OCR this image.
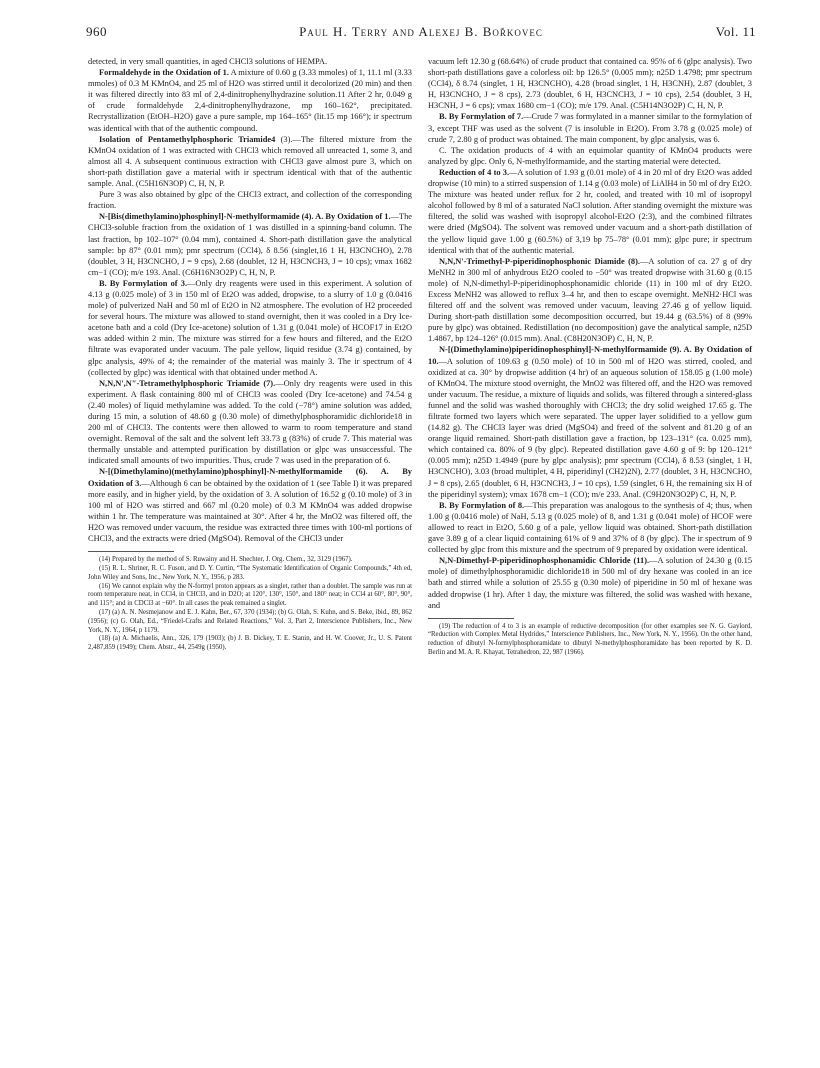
960	Paul H. Terry and Alexej B. Bořkovec	Vol. 11

detected, in very small quantities, in aged CHCl3 solutions of HEMPA.

Formaldehyde in the Oxidation of 1. A mixture of 0.60 g (3.33 mmoles) of 1, 11.1 ml (3.33 mmoles) of 0.3 M KMnO4, and 25 ml of H2O was stirred until it decolorized (20 min) and then it was filtered directly into 83 ml of 2,4-dinitrophenylhydrazine solution.11 After 2 hr, 0.049 g of crude formaldehyde 2,4-dinitrophenylhydrazone, mp 160–162°, precipitated. Recrystallization (EtOH–H2O) gave a pure sample, mp 164–165° (lit.15 mp 166°); ir spectrum was identical with that of the authentic compound.

Isolation of Pentamethylphosphoric Triamide4 (3).—The filtered mixture from the KMnO4 oxidation of 1 was extracted with CHCl3 which removed all unreacted 1, some 3, and almost all 4. A subsequent continuous extraction with CHCl3 gave almost pure 3, which on short-path distillation gave a material with ir spectrum identical with that of the authentic sample. Anal. (C5H16N3OP) C, H, N, P.

Pure 3 was also obtained by glpc of the CHCl3 extract, and collection of the corresponding fraction.

N-[Bis(dimethylamino)phosphinyl]-N-methylformamide (4). A. By Oxidation of 1.—The CHCl3-soluble fraction from the oxidation of 1 was distilled in a spinning-band column. The last fraction, bp 102–107° (0.04 mm), contained 4. Short-path distillation gave the analytical sample: bp 87° (0.01 mm); pmr spectrum (CCl4), δ 8.56 (singlet,16 1 H, H3CNCHO), 2.78 (doublet, 3 H, H3CNCHO, J = 9 cps), 2.68 (doublet, 12 H, H3CNCH3, J = 10 cps); νmax 1682 cm−1 (CO); m/e 193. Anal. (C6H16N3O2P) C, H, N, P.

B. By Formylation of 3.—Only dry reagents were used in this experiment. A solution of 4.13 g (0.025 mole) of 3 in 150 ml of Et2O was added, dropwise, to a slurry of 1.0 g (0.0416 mole) of pulverized NaH and 50 ml of Et2O in N2 atmosphere. The evolution of H2 proceeded for several hours. The mixture was allowed to stand overnight, then it was cooled in a Dry Ice-acetone bath and a cold (Dry Ice-acetone) solution of 1.31 g (0.041 mole) of HCOF17 in Et2O was added within 2 min. The mixture was stirred for a few hours and filtered, and the Et2O filtrate was evaporated under vacuum. The pale yellow, liquid residue (3.74 g) contained, by glpc analysis, 49% of 4; the remainder of the material was mainly 3. The ir spectrum of 4 (collected by glpc) was identical with that obtained under method A.

N,N,N′,N″-Tetramethylphosphoric Triamide (7).—Only dry reagents were used in this experiment. A flask containing 800 ml of CHCl3 was cooled (Dry Ice-acetone) and 74.54 g (2.40 moles) of liquid methylamine was added. To the cold (−78°) amine solution was added, during 15 min, a solution of 48.60 g (0.30 mole) of dimethylphosphoramidic dichloride18 in 200 ml of CHCl3. The contents were then allowed to warm to room temperature and stand overnight. Removal of the salt and the solvent left 33.73 g (83%) of crude 7. This material was thermally unstable and attempted purification by distillation or glpc was unsuccessful. The indicated small amounts of two impurities. Thus, crude 7 was used in the preparation of 6.

N-[(Dimethylamino)(methylamino)phosphinyl]-N-methylformamide (6). A. By Oxidation of 3.—Although 6 can be obtained by the oxidation of 1 (see Table I) it was prepared more easily, and in higher yield, by the oxidation of 3. A solution of 16.52 g (0.10 mole) of 3 in 100 ml of H2O was stirred and 667 ml (0.20 mole) of 0.3 M KMnO4 was added dropwise within 1 hr. The temperature was maintained at 30°. After 4 hr, the MnO2 was filtered off, the H2O was removed under vacuum, the residue was extracted three times with 100-ml portions of CHCl3, and the extracts were dried (MgSO4). Removal of the CHCl3 under

(14) Prepared by the method of S. Ruwainy and H. Shechter, J. Org. Chem., 32, 3129 (1967).

(15) R. L. Shriner, R. C. Fuson, and D. Y. Curtin, “The Systematic Identification of Organic Compounds,” 4th ed, John Wiley and Sons, Inc., New York, N. Y., 1956, p 283.

(16) We cannot explain why the N-formyl proton appears as a singlet, rather than a doublet. The sample was run at room temperature neat, in CCl4, in CHCl3, and in D2O; at 120°, 130°, 150°, and 180° neat; in CCl4 at 60°, 80°, 90°, and 115°; and in CDCl3 at −60°. In all cases the peak remained a singlet.

(17) (a) A. N. Nesmejanow and E. J. Kahn, Ber., 67, 370 (1934); (b) G. Olah, S. Kuhn, and S. Beke, ibid., 89, 862 (1956); (c) G. Olah, Ed., “Friedel-Crafts and Related Reactions,” Vol. 3, Part 2, Interscience Publishers, Inc., New York, N. Y., 1964, p 1179.

(18) (a) A. Michaelis, Ann., 326, 179 (1903); (b) J. B. Dickey, T. E. Stanin, and H. W. Coover, Jr., U. S. Patent 2,487,859 (1949); Chem. Abstr., 44, 2549g (1950).

vacuum left 12.30 g (68.64%) of crude product that contained ca. 95% of 6 (glpc analysis). Two short-path distillations gave a colorless oil: bp 126.5° (0.005 mm); n25D 1.4798; pmr spectrum (CCl4), δ 8.74 (singlet, 1 H, H3CNCHO), 4.28 (broad singlet, 1 H, H3CNH), 2.87 (doublet, 3 H, H3CNCHO, J = 8 cps), 2.73 (doublet, 6 H, H3CNCH3, J = 10 cps), 2.54 (doublet, 3 H, H3CNH, J = 6 cps); νmax 1680 cm−1 (CO); m/e 179. Anal. (C5H14N3O2P) C, H, N, P.

B. By Formylation of 7.—Crude 7 was formylated in a manner similar to the formylation of 3, except THF was used as the solvent (7 is insoluble in Et2O). From 3.78 g (0.025 mole) of crude 7, 2.80 g of product was obtained. The main component, by glpc analysis, was 6.

C. The oxidation products of 4 with an equimolar quantity of KMnO4 products were analyzed by glpc. Only 6, N-methylformamide, and the starting material were detected.

Reduction of 4 to 3.—A solution of 1.93 g (0.01 mole) of 4 in 20 ml of dry Et2O was added dropwise (10 min) to a stirred suspension of 1.14 g (0.03 mole) of LiAlH4 in 50 ml of dry Et2O. The mixture was heated under reflux for 2 hr, cooled, and treated with 10 ml of isopropyl alcohol followed by 8 ml of a saturated NaCl solution. After standing overnight the mixture was filtered, the solid was washed with isopropyl alcohol-Et2O (2:3), and the combined filtrates were dried (MgSO4). The solvent was removed under vacuum and a short-path distillation of the yellow liquid gave 1.00 g (60.5%) of 3,19 bp 75–78° (0.01 mm); glpc pure; ir spectrum identical with that of the authentic material.

N,N,N′-Trimethyl-P-piperidinophosphonic Diamide (8).—A solution of ca. 27 g of dry MeNH2 in 300 ml of anhydrous Et2O cooled to −50° was treated dropwise with 31.60 g (0.15 mole) of N,N-dimethyl-P-piperidinophosphonamidic chloride (11) in 100 ml of dry Et2O. Excess MeNH2 was allowed to reflux 3–4 hr, and then to escape overnight. MeNH2·HCl was filtered off and the solvent was removed under vacuum, leaving 27.46 g of yellow liquid. During short-path distillation some decomposition occurred, but 19.44 g (63.5%) of 8 (99% pure by glpc) was obtained. Redistillation (no decomposition) gave the analytical sample, n25D 1.4867, bp 124–126° (0.015 mm). Anal. (C8H20N3OP) C, H, N, P.

N-[(Dimethylamino)piperidinophosphinyl]-N-methylformamide (9). A. By Oxidation of 10.—A solution of 109.63 g (0.50 mole) of 10 in 500 ml of H2O was stirred, cooled, and oxidized at ca. 30° by dropwise addition (4 hr) of an aqueous solution of 158.05 g (1.00 mole) of KMnO4. The mixture stood overnight, the MnO2 was filtered off, and the H2O was removed under vacuum. The residue, a mixture of liquids and solids, was filtered through a sintered-glass funnel and the solid was washed thoroughly with CHCl3; the dry solid weighed 17.65 g. The filtrate formed two layers which were separated. The upper layer solidified to a yellow gum (14.82 g). The CHCl3 layer was dried (MgSO4) and freed of the solvent and 81.20 g of an orange liquid remained. Short-path distillation gave a fraction, bp 123–131° (ca. 0.025 mm), which contained ca. 80% of 9 (by glpc). Repeated distillation gave 4.60 g of 9: bp 120–121° (0.005 mm); n25D 1.4949 (pure by glpc analysis); pmr spectrum (CCl4), δ 8.53 (singlet, 1 H, H3CNCHO), 3.03 (broad multiplet, 4 H, piperidinyl (CH2)2N), 2.77 (doublet, 3 H, H3CNCHO, J = 8 cps), 2.65 (doublet, 6 H, H3CNCH3, J = 10 cps), 1.59 (singlet, 6 H, the remaining six H of the piperidinyl system); νmax 1678 cm−1 (CO); m/e 233. Anal. (C9H20N3O2P) C, H, N, P.

B. By Formylation of 8.—This preparation was analogous to the synthesis of 4; thus, when 1.00 g (0.0416 mole) of NaH, 5.13 g (0.025 mole) of 8, and 1.31 g (0.041 mole) of HCOF were allowed to react in Et2O, 5.60 g of a pale, yellow liquid was obtained. Short-path distillation gave 3.89 g of a clear liquid containing 61% of 9 and 37% of 8 (by glpc). The ir spectrum of 9 collected by glpc from this mixture and the spectrum of 9 prepared by oxidation were identical.

N,N-Dimethyl-P-piperidinophosphonamidic Chloride (11).—A solution of 24.30 g (0.15 mole) of dimethylphosphoramidic dichloride18 in 500 ml of dry hexane was cooled in an ice bath and stirred while a solution of 25.55 g (0.30 mole) of piperidine in 50 ml of hexane was added dropwise (1 hr). After 1 day, the mixture was filtered, the solid was washed with hexane, and

(19) The reduction of 4 to 3 is an example of reductive decomposition (for other examples see N. G. Gaylord, “Reduction with Complex Metal Hydrides,” Interscience Publishers, Inc., New York, N. Y., 1956). On the other hand, reduction of dibutyl N-formylphosphoramidate to dibutyl N-methylphosphoramidate has been reported by K. D. Berlin and M. A. R. Khayat, Tetrahedron, 22, 987 (1966).
